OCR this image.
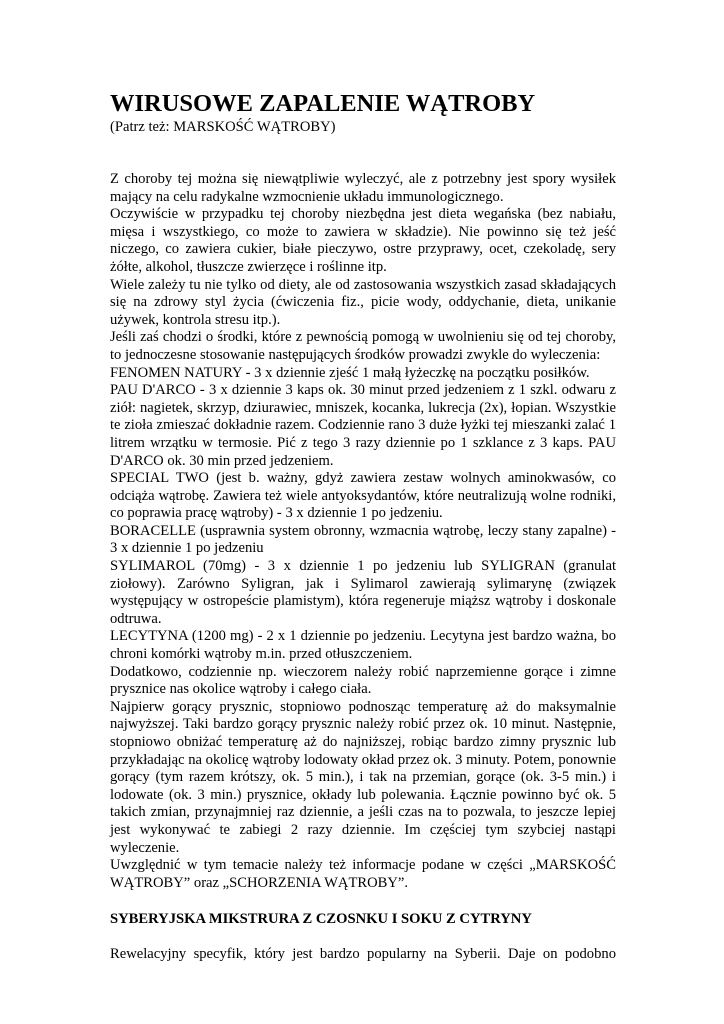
WIRUSOWE ZAPALENIE WĄTROBY

(Patrz też: MARSKOŚĆ WĄTROBY)

Z choroby tej można się niewątpliwie wyleczyć, ale z potrzebny jest spory wysiłek mający na celu radykalne wzmocnienie układu immunologicznego.

Oczywiście w przypadku tej choroby niezbędna jest dieta wegańska (bez nabiału, mięsa i wszystkiego, co może to zawiera w składzie). Nie powinno się też jeść niczego, co zawiera cukier, białe pieczywo, ostre przyprawy, ocet, czekoladę, sery żółte, alkohol, tłuszcze zwierzęce i roślinne itp.

Wiele zależy tu nie tylko od diety, ale od zastosowania wszystkich zasad składających się na zdrowy styl życia (ćwiczenia fiz., picie wody, oddychanie, dieta, unikanie używek, kontrola stresu itp.).

Jeśli zaś chodzi o środki, które z pewnością pomogą w uwolnieniu się od tej choroby, to jednoczesne stosowanie następujących środków prowadzi zwykle do wyleczenia:

FENOMEN NATURY - 3 x dziennie zjeść 1 małą łyżeczkę na początku posiłków.

PAU D'ARCO - 3 x dziennie 3 kaps ok. 30 minut przed jedzeniem z 1 szkl. odwaru z ziół: nagietek, skrzyp, dziurawiec, mniszek, kocanka, lukrecja (2x), łopian. Wszystkie te zioła zmieszać dokładnie razem. Codziennie rano 3 duże łyżki tej mieszanki zalać 1 litrem wrzątku w termosie. Pić z tego 3 razy dziennie po 1 szklance z 3 kaps. PAU D'ARCO ok. 30 min przed jedzeniem.

SPECIAL TWO (jest b. ważny, gdyż zawiera zestaw wolnych aminokwasów, co odciąża wątrobę. Zawiera też wiele antyoksydantów, które neutralizują wolne rodniki, co poprawia pracę wątroby) - 3 x dziennie 1 po jedzeniu.

BORACELLE (usprawnia system obronny, wzmacnia wątrobę, leczy stany zapalne) - 3 x dziennie 1 po jedzeniu

SYLIMAROL (70mg) - 3 x dziennie 1 po jedzeniu lub SYLIGRAN (granulat ziołowy). Zarówno Syligran, jak i Sylimarol zawierają sylimarynę (związek występujący w ostropeście plamistym), która regeneruje miąższ wątroby i doskonale odtruwa.

LECYTYNA (1200 mg) - 2 x 1 dziennie po jedzeniu. Lecytyna jest bardzo ważna, bo chroni komórki wątroby m.in. przed otłuszczeniem.

Dodatkowo, codziennie np. wieczorem należy robić naprzemienne gorące i zimne prysznice nas okolice wątroby i całego ciała.

Najpierw gorący prysznic, stopniowo podnosząc temperaturę aż do maksymalnie najwyższej. Taki bardzo gorący prysznic należy robić przez ok. 10 minut. Następnie, stopniowo obniżać temperaturę aż do najniższej, robiąc bardzo zimny prysznic lub przykładając na okolicę wątroby lodowaty okład przez ok. 3 minuty. Potem, ponownie gorący (tym razem krótszy, ok. 5 min.), i tak na przemian, gorące (ok. 3-5 min.) i lodowate (ok. 3 min.) prysznice, okłady lub polewania. Łącznie powinno być ok. 5 takich zmian, przynajmniej raz dziennie, a jeśli czas na to pozwala, to jeszcze lepiej jest wykonywać te zabiegi 2 razy dziennie. Im częściej tym szybciej nastąpi wyleczenie.

Uwzględnić w tym temacie należy też informacje podane w części „MARSKOŚĆ WĄTROBY” oraz „SCHORZENIA WĄTROBY”.

SYBERYJSKA MIKSTRURA Z CZOSNKU I SOKU Z CYTRYNY

Rewelacyjny specyfik, który jest bardzo popularny na Syberii. Daje on podobno
